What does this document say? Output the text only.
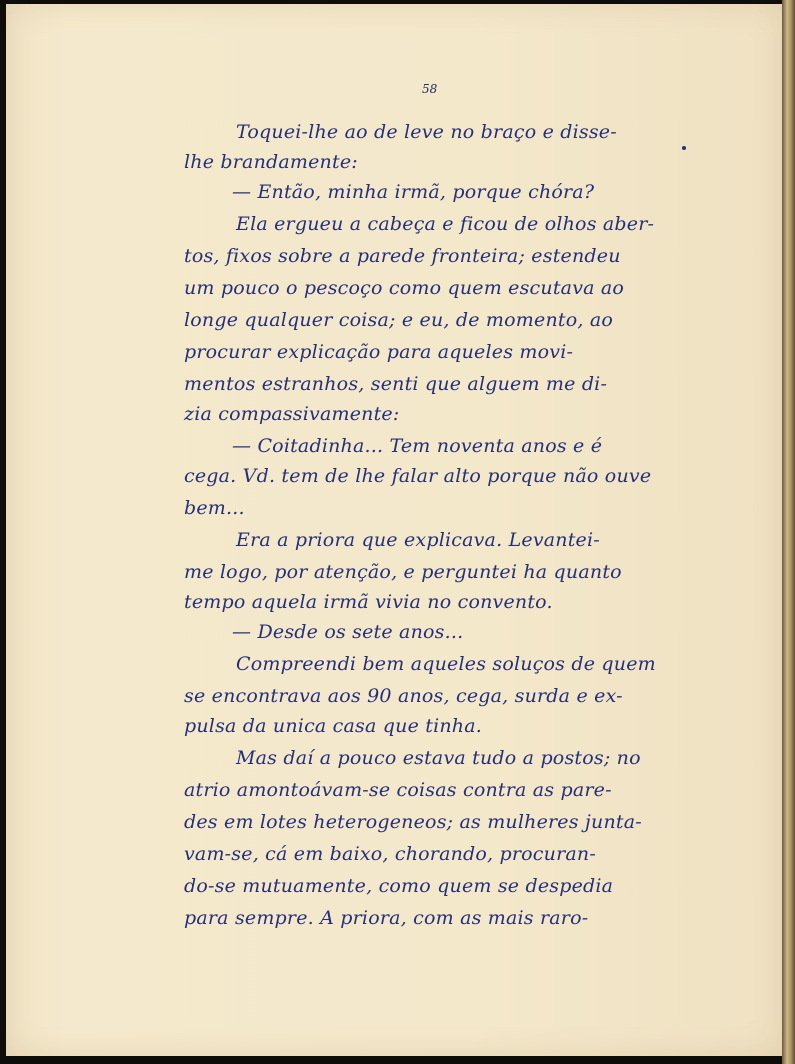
58

Toquei-lhe ao de leve no braço e disse-

lhe brandamente:

— Então, minha irmã, porque chóra?

Ela ergueu a cabeça e ficou de olhos aber-

tos, fixos sobre a parede fronteira; estendeu

um pouco o pescoço como quem escutava ao

longe qualquer coisa; e eu, de momento, ao

procurar explicação para aqueles movi-

mentos estranhos, senti que alguem me di-

zia compassivamente:

— Coitadinha... Tem noventa anos e é

cega. Vd. tem de lhe falar alto porque não ouve

bem...

Era a priora que explicava. Levantei-

me logo, por atenção, e perguntei ha quanto

tempo aquela irmã vivia no convento.

— Desde os sete anos...

Compreendi bem aqueles soluços de quem

se encontrava aos 90 anos, cega, surda e ex-

pulsa da unica casa que tinha.

Mas daí a pouco estava tudo a postos; no

atrio amontoávam-se coisas contra as pare-

des em lotes heterogeneos; as mulheres junta-

vam-se, cá em baixo, chorando, procuran-

do-se mutuamente, como quem se despedia

para sempre. A priora, com as mais raro-
